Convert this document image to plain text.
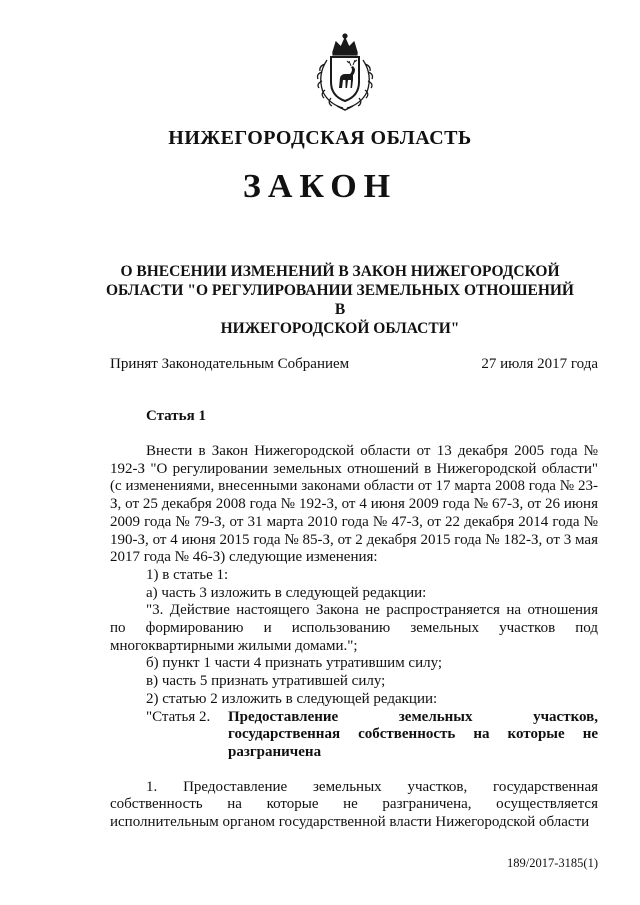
НИЖЕГОРОДСКАЯ ОБЛАСТЬ
ЗАКОН
О ВНЕСЕНИИ ИЗМЕНЕНИЙ В ЗАКОН НИЖЕГОРОДСКОЙ
ОБЛАСТИ "О РЕГУЛИРОВАНИИ ЗЕМЕЛЬНЫХ ОТНОШЕНИЙ В
НИЖЕГОРОДСКОЙ ОБЛАСТИ"
Принят Законодательным Собранием	27 июля 2017 года
Статья 1

Внести в Закон Нижегородской области от 13 декабря 2005 года № 192-З "О регулировании земельных отношений в Нижегородской области" (с изменениями, внесенными законами области от 17 марта 2008 года № 23-З, от 25 декабря 2008 года № 192-З, от 4 июня 2009 года № 67-З, от 26 июня 2009 года № 79-З, от 31 марта 2010 года № 47-З, от 22 декабря 2014 года № 190-З, от 4 июня 2015 года № 85-З, от 2 декабря 2015 года № 182-З, от 3 мая 2017 года № 46-З) следующие изменения:

1) в статье 1:

а) часть 3 изложить в следующей редакции:

"3. Действие настоящего Закона не распространяется на отношения по формированию и использованию земельных участков под многоквартирными жилыми домами.";

б) пункт 1 части 4 признать утратившим силу;

в) часть 5 признать утратившей силу;

2) статью 2 изложить в следующей редакции:

"Статья 2.	Предоставление земельных участков, государственная собственность на которые не разграничена

1. Предоставление земельных участков, государственная собственность на которые не разграничена, осуществляется исполнительным органом государственной власти Нижегородской области

189/2017-3185(1)
